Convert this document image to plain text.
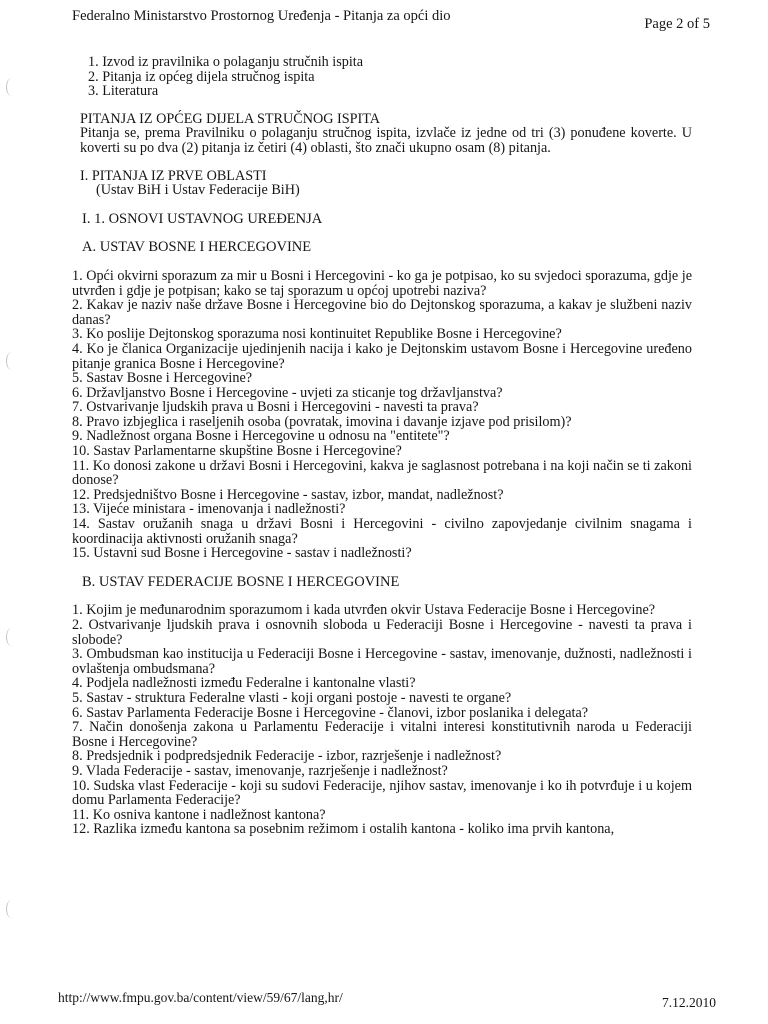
Federalno Ministarstvo Prostornog Uređenja - Pitanja za opći dio	Page 2 of 5

1. Izvod iz pravilnika o polaganju stručnih ispita

2. Pitanja iz općeg dijela stručnog ispita

3. Literatura

PITANJA IZ OPĆEG DIJELA STRUČNOG ISPITA

Pitanja se, prema Pravilniku o polaganju stručnog ispita, izvlače iz jedne od tri (3) ponuđene koverte. U koverti su po dva (2) pitanja iz četiri (4) oblasti, što znači ukupno osam (8) pitanja.

I. PITANJA IZ PRVE OBLASTI
(Ustav BiH i Ustav Federacije BiH)
I. 1. OSNOVI USTAVNOG UREĐENJA
A. USTAV BOSNE I HERCEGOVINE

1. Opći okvirni sporazum za mir u Bosni i Hercegovini - ko ga je potpisao, ko su svjedoci sporazuma, gdje je utvrđen i gdje je potpisan; kako se taj sporazum u općoj upotrebi naziva?

2. Kakav je naziv naše države Bosne i Hercegovine bio do Dejtonskog sporazuma, a kakav je službeni naziv danas?

3. Ko poslije Dejtonskog sporazuma nosi kontinuitet Republike Bosne i Hercegovine?

4. Ko je članica Organizacije ujedinjenih nacija i kako je Dejtonskim ustavom Bosne i Hercegovine uređeno pitanje granica Bosne i Hercegovine?

5. Sastav Bosne i Hercegovine?

6. Državljanstvo Bosne i Hercegovine - uvjeti za sticanje tog državljanstva?

7. Ostvarivanje ljudskih prava u Bosni i Hercegovini - navesti ta prava?

8. Pravo izbjeglica i raseljenih osoba (povratak, imovina i davanje izjave pod prisilom)?

9. Nadležnost organa Bosne i Hercegovine u odnosu na "entitete"?

10. Sastav Parlamentarne skupštine Bosne i Hercegovine?

11. Ko donosi zakone u državi Bosni i Hercegovini, kakva je saglasnost potrebana i na koji način se ti zakoni donose?

12. Predsjedništvo Bosne i Hercegovine - sastav, izbor, mandat, nadležnost?

13. Vijeće ministara - imenovanja i nadležnosti?

14. Sastav oružanih snaga u državi Bosni i Hercegovini - civilno zapovjedanje civilnim snagama i koordinacija aktivnosti oružanih snaga?

15. Ustavni sud Bosne i Hercegovine - sastav i nadležnosti?

B. USTAV FEDERACIJE BOSNE I HERCEGOVINE

1. Kojim je međunarodnim sporazumom i kada utvrđen okvir Ustava Federacije Bosne i Hercegovine?

2. Ostvarivanje ljudskih prava i osnovnih sloboda u Federaciji Bosne i Hercegovine - navesti ta prava i slobode?

3. Ombudsman kao institucija u Federaciji Bosne i Hercegovine - sastav, imenovanje, dužnosti, nadležnosti i ovlaštenja ombudsmana?

4. Podjela nadležnosti između Federalne i kantonalne vlasti?

5. Sastav - struktura Federalne vlasti - koji organi postoje - navesti te organe?

6. Sastav Parlamenta Federacije Bosne i Hercegovine - članovi, izbor poslanika i delegata?

7. Način donošenja zakona u Parlamentu Federacije i vitalni interesi konstitutivnih naroda u Federaciji Bosne i Hercegovine?

8. Predsjednik i podpredsjednik Federacije - izbor, razrješenje i nadležnost?

9. Vlada Federacije - sastav, imenovanje, razrješenje i nadležnost?

10. Sudska vlast Federacije - koji su sudovi Federacije, njihov sastav, imenovanje i ko ih potvrđuje i u kojem domu Parlamenta Federacije?

11. Ko osniva kantone i nadležnost kantona?

12. Razlika između kantona sa posebnim režimom i ostalih kantona - koliko ima prvih kantona,

http://www.fmpu.gov.ba/content/view/59/67/lang,hr/	7.12.2010
